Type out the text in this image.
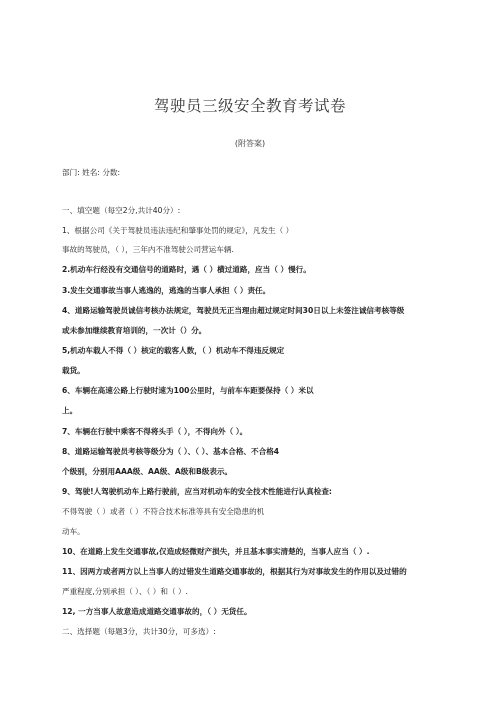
驾驶员三级安全教育考试卷
(附答案)
部门: 姓名: 分数:
一、填空题（每空2分,共计40分）:
1、根据公司《关于驾驶员违法违纪和肇事处罚的规定》，凡发生（ ）
事故的驾驶员，（ ），三年内不准驾驶公司营运车辆.
2.机动车行经没有交通信号的道路时，遇（ ）横过道路，应当（ ）慢行。
3.发生交通事故当事人逃逸的，逃逸的当事人承担（ ）责任。
4、道路运输驾驶员诚信考核办法规定，驾驶员无正当理由超过规定时间30日以上未签注诚信考核等级
或未参加继续教育培训的，一次计（）分。
5,机动车载人不得（ ）核定的载客人数，（ ）机动车不得违反规定
载货。
6、车辆在高速公路上行驶时速为100公里时，与前车车距要保持（ ）米以
上。
7、车辆在行驶中乘客不得将头手（ ），不得向外（ ）。
8、道路运输驾驶员考核等级分为（ ）、（ ）、基本合格、不合格4
个级别，分别用AAA级、AA级、A级和B级表示。
9、驾驶!人驾驶机动车上路行驶前，应当对机动车的安全技术性能进行认真检查:
不得驾驶（ ）或者（ ）不符合技术标准等具有安全隐患的机
动车。
10、在道路上发生交通事故,仅造成轻微财产损失，并且基本事实清楚的，当事人应当（ ）.
11、因两方或者两方以上当事人的过错发生道路交通事故的，根据其行为对事故发生的作用以及过错的
严重程度,分别承担（ ）、（ ）和（ ）.
12, 一方当事人故意造成道路交通事故的，（ ）无货任。
二、选择题（每题3分，共计30分，可多选）:
